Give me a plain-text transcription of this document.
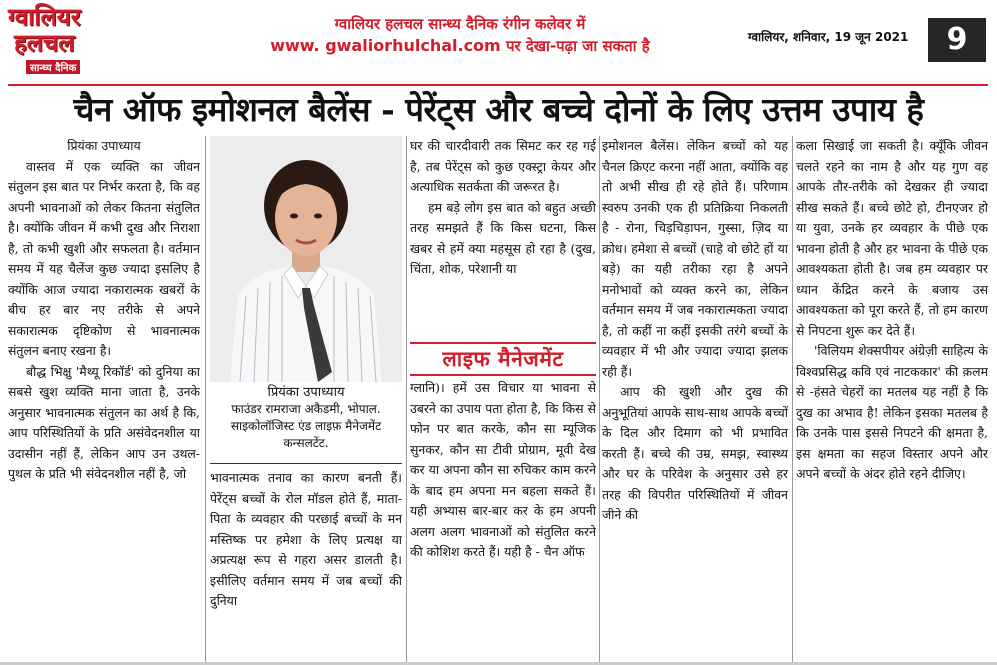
ग्वालियर
हलचल
सान्ध्य दैनिक
ग्वालियर हलचल सान्ध्य दैनिक रंगीन कलेवर में
www. gwaliorhulchal.com पर देखा-पढ़ा जा सकता है	ग्वालियर, शनिवार, 19 जून 2021	9
चैन ऑफ इमोशनल बैलेंस - पेरेंट्स और बच्चे दोनों के लिए उत्तम उपाय है

प्रियंका उपाध्याय

वास्तव में एक व्यक्ति का जीवन संतुलन इस बात पर निर्भर करता है, कि वह अपनी भावनाओं को लेकर कितना संतुलित है। क्योंकि जीवन में कभी दुख और निराशा है, तो कभी खुशी और सफलता है। वर्तमान समय में यह चैलेंज कुछ ज्यादा इसलिए है क्योंकि आज ज्यादा नकारात्मक खबरों के बीच हर बार नए तरीके से अपने सकारात्मक दृष्टिकोण से भावनात्मक संतुलन बनाए रखना है।

बौद्ध भिक्षु 'मैथ्यू रिकॉर्ड' को दुनिया का सबसे खुश व्यक्ति माना जाता है, उनके अनुसार भावनात्मक संतुलन का अर्थ है कि, आप परिस्थितियों के प्रति असंवेदनशील या उदासीन नहीं हैं, लेकिन आप उन उथल-पुथल के प्रति भी संवेदनशील नहीं है, जो

प्रियंका उपाध्याय
फाउंडर रामराजा अकैडमी, भोपाल.
साइकोलॉजिस्ट एंड लाइफ़ मैनेजमेंट
कन्सलटेंट.

भावनात्मक तनाव का कारण बनती हैं।पेरेंट्स बच्चों के रोल मॉडल होते हैं, माता-पिता के व्यवहार की परछाई बच्चों के मन मस्तिष्क पर हमेशा के लिए प्रत्यक्ष या अप्रत्यक्ष रूप से गहरा असर डालती है। इसीलिए वर्तमान समय में जब बच्चों की दुनिया

घर की चारदीवारी तक सिमट कर रह गई है, तब पेरेंट्स को कुछ एक्स्ट्रा केयर और अत्याधिक सतर्कता की जरूरत है।

हम बड़े लोग इस बात को बहुत अच्छी तरह समझते हैं कि किस घटना, किस खबर से हमें क्या महसूस हो रहा है (दुख, चिंता, शोक, परेशानी या

लाइफ मैनेजमेंट

ग्लानि)। हमें उस विचार या भावना से उबरने का उपाय पता होता है, कि किस से फोन पर बात करके, कौन सा म्यूजिक सुनकर, कौन सा टीवी प्रोग्राम, मूवी देख कर या अपना कौन सा रुचिकर काम करने के बाद हम अपना मन बहला सकते हैं। यही अभ्यास बार-बार कर के हम अपनी अलग अलग भावनाओं को संतुलित करने की कोशिश करते हैं। यही है - चैन ऑफ

इमोशनल बैलेंस। लेकिन बच्चों को यह चैनल क्रिएट करना नहीं आता, क्योंकि वह तो अभी सीख ही रहे होते हैं। परिणाम स्वरुप उनकी एक ही प्रतिक्रिया निकलती है - रोना, चिड़चिड़ापन, गुस्सा, ज़िद या क्रोध। हमेशा से बच्चों (चाहे वो छोटे हों या बड़े) का यही तरीका रहा है अपने मनोभावों को व्यक्त करने का, लेकिन वर्तमान समय में जब नकारात्मकता ज्यादा है, तो कहीं ना कहीं इसकी तरंगे बच्चों के व्यवहार में भी और ज्यादा ज्यादा झलक रही हैं।

आप की खुशी और दुख की अनुभूतियां आपके साथ-साथ आपके बच्चों के दिल और दिमाग को भी प्रभावित करती हैं। बच्चे की उम्र, समझ, स्वास्थ्य और घर के परिवेश के अनुसार उसे हर तरह की विपरीत परिस्थितियों में जीवन जीने की

कला सिखाई जा सकती है। क्यूँकि जीवन चलते रहने का नाम है और यह गुण वह आपके तौर-तरीके को देखकर ही ज्यादा सीख सकते हैं। बच्चे छोटे हो, टीनएजर हो या युवा, उनके हर व्यवहार के पीछे एक भावना होती है और हर भावना के पीछे एक आवश्यकता होती है। जब हम व्यवहार पर ध्यान केंद्रित करने के बजाय उस आवश्यकता को पूरा करते हैं, तो हम कारण से निपटना शुरू कर देते हैं।

'विलियम शेक्सपीयर अंग्रेज़ी साहित्य के विश्वप्रसिद्ध कवि एवं नाटककार' की क़लम से -हंसते चेहरों का मतलब यह नहीं है कि दुख का अभाव है! लेकिन इसका मतलब है कि उनके पास इससे निपटने की क्षमता है, इस क्षमता का सहज विस्तार अपने और अपने बच्चों के अंदर होते रहने दीजिए।
